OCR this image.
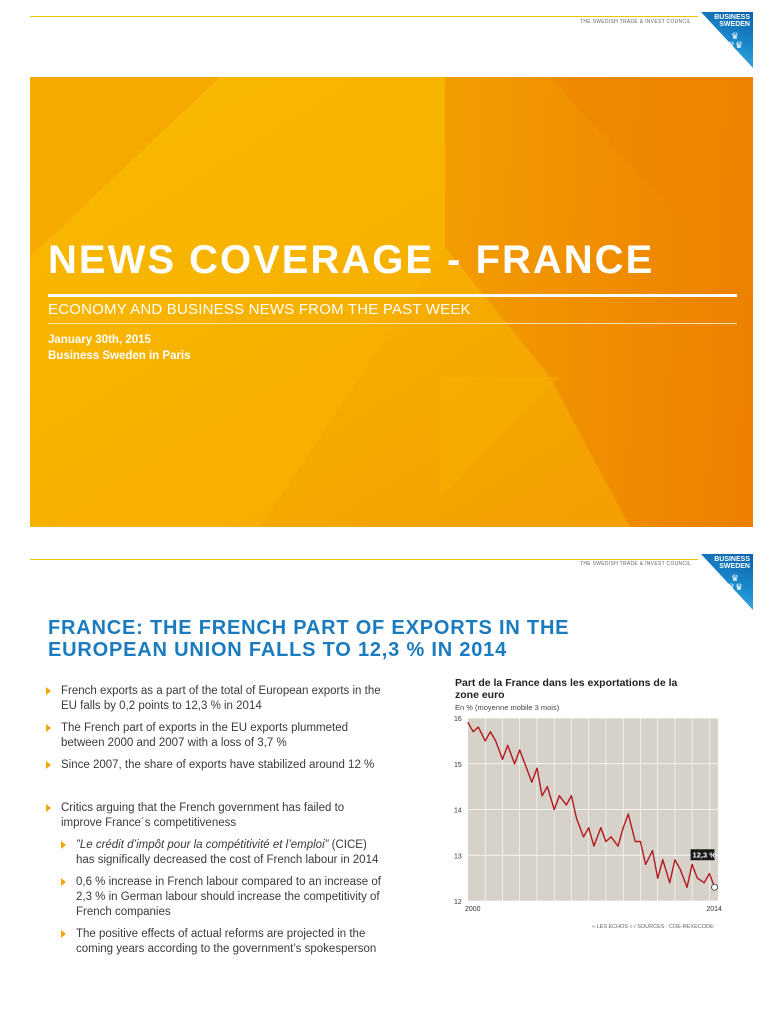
THE SWEDISH TRADE & INVEST COUNCIL
BUSINESS
SWEDEN
♛
♛♛
NEWS COVERAGE - FRANCE
ECONOMY AND BUSINESS NEWS FROM THE PAST WEEK
January 30th, 2015
Business Sweden in Paris
THE SWEDISH TRADE & INVEST COUNCIL
BUSINESS
SWEDEN
♛
♛♛
FRANCE: THE FRENCH PART OF EXPORTS IN THE EUROPEAN UNION FALLS TO 12,3 % IN 2014
French exports as a part of the total of European exports in the EU falls by 0,2 points to 12,3 % in 2014
The French part of exports in the EU exports plummeted between 2000 and 2007 with a loss of 3,7 %
Since 2007, the share of exports have stabilized around 12 %
Critics arguing that the French government has failed to improve France´s competitiveness
”Le crédit d’impôt pour la compétitivité et l’emploi” (CICE) has significally decreased the cost of French labour in 2014
0,6 % increase in French labour compared to an increase of 2,3 % in German labour should increase the competitivity of French companies
The positive effects of actual reforms are projected in the coming years according to the government’s spokesperson
Part de la France dans les exportations de la zone euro
En % (moyenne mobile 3 mois)
16
15
14
13
12
2000	2014
12,3 %
« LES ECHOS » / SOURCES : COE-REXECODE
